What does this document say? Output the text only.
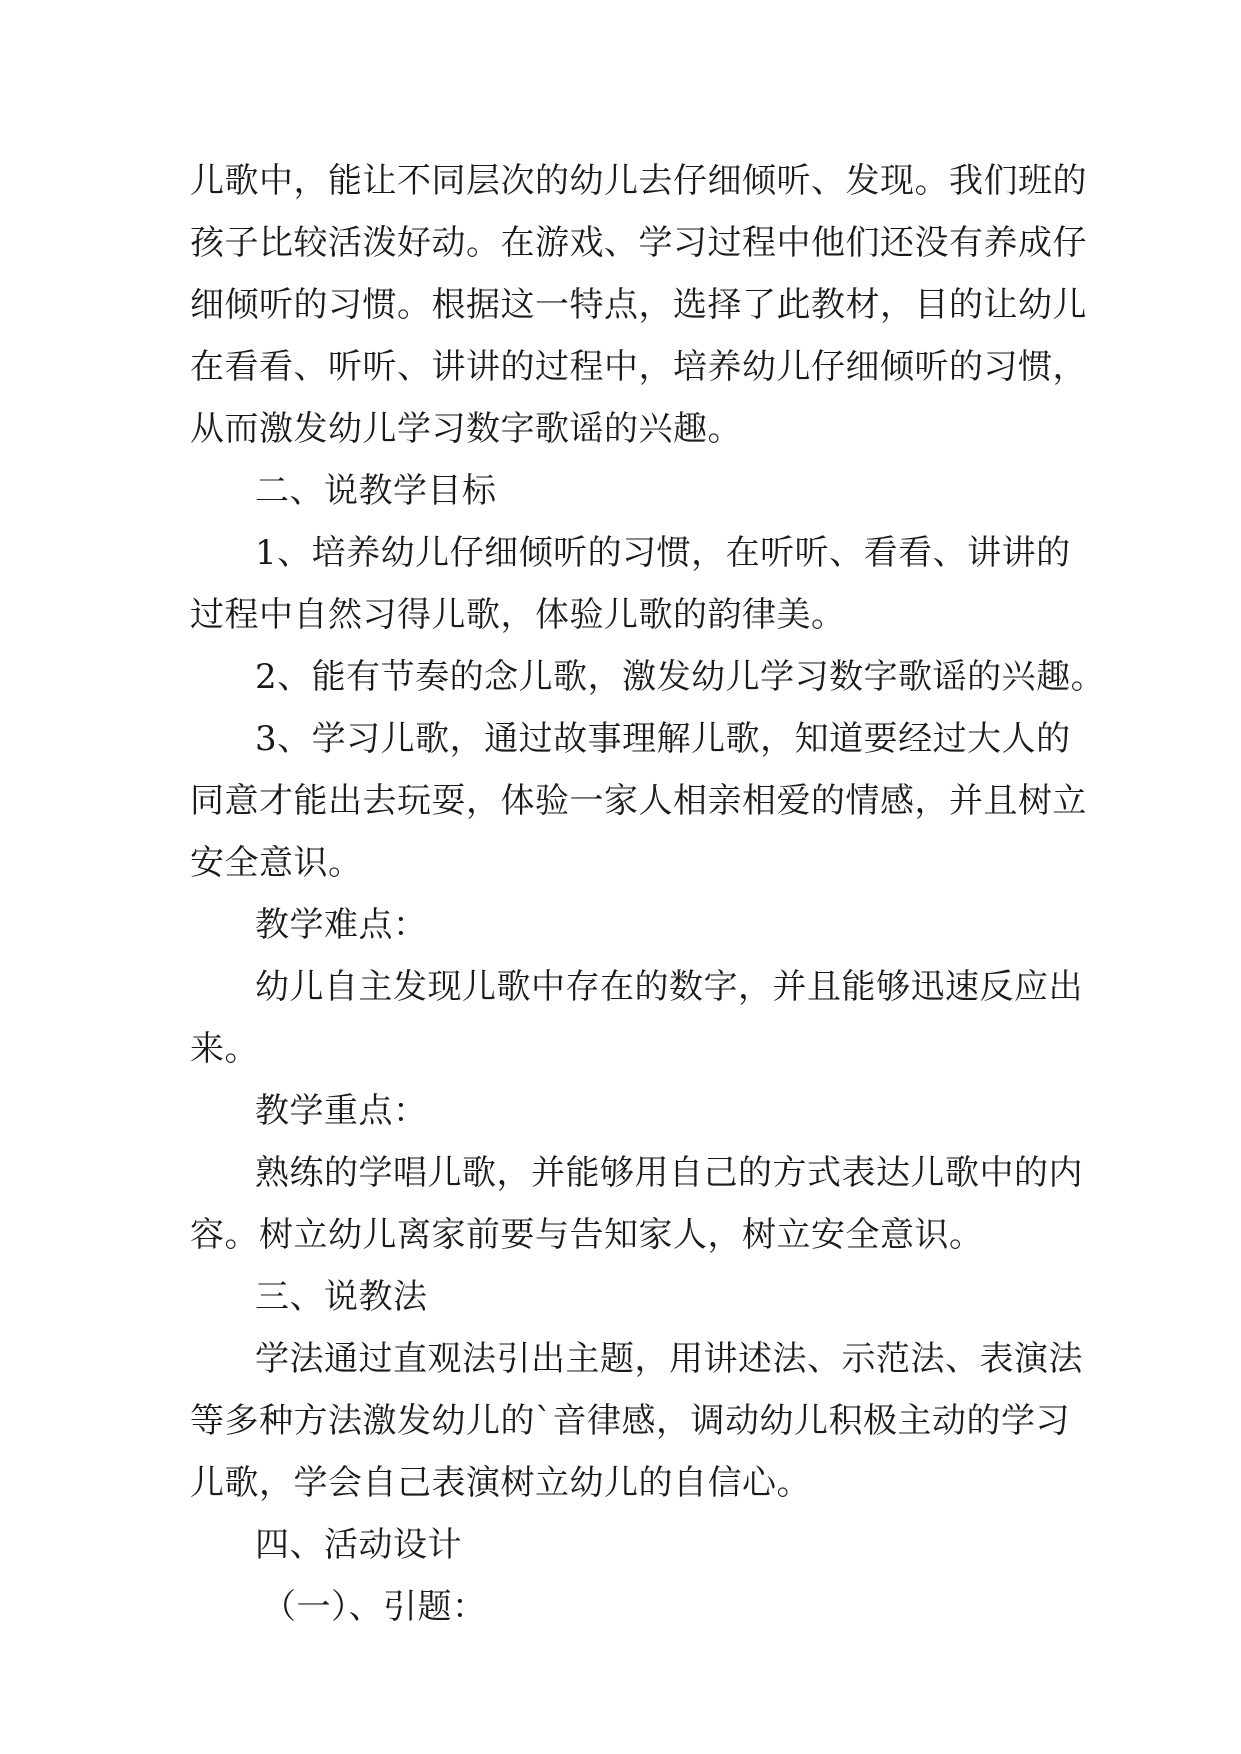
儿歌中，能让不同层次的幼儿去仔细倾听、发现。我们班的

孩子比较活泼好动。在游戏、学习过程中他们还没有养成仔

细倾听的习惯。根据这一特点，选择了此教材，目的让幼儿

在看看、听听、讲讲的过程中，培养幼儿仔细倾听的习惯，

从而激发幼儿学习数字歌谣的兴趣。

二、说教学目标

1、培养幼儿仔细倾听的习惯，在听听、看看、讲讲的

过程中自然习得儿歌，体验儿歌的韵律美。

2、能有节奏的念儿歌，激发幼儿学习数字歌谣的兴趣。

3、学习儿歌，通过故事理解儿歌，知道要经过大人的

同意才能出去玩耍，体验一家人相亲相爱的情感，并且树立

安全意识。

教学难点：

幼儿自主发现儿歌中存在的数字，并且能够迅速反应出

来。

教学重点：

熟练的学唱儿歌，并能够用自己的方式表达儿歌中的内

容。树立幼儿离家前要与告知家人，树立安全意识。

三、说教法

学法通过直观法引出主题，用讲述法、示范法、表演法

等多种方法激发幼儿的`音律感，调动幼儿积极主动的学习

儿歌，学会自己表演树立幼儿的自信心。

四、活动设计

（一）、引题：
